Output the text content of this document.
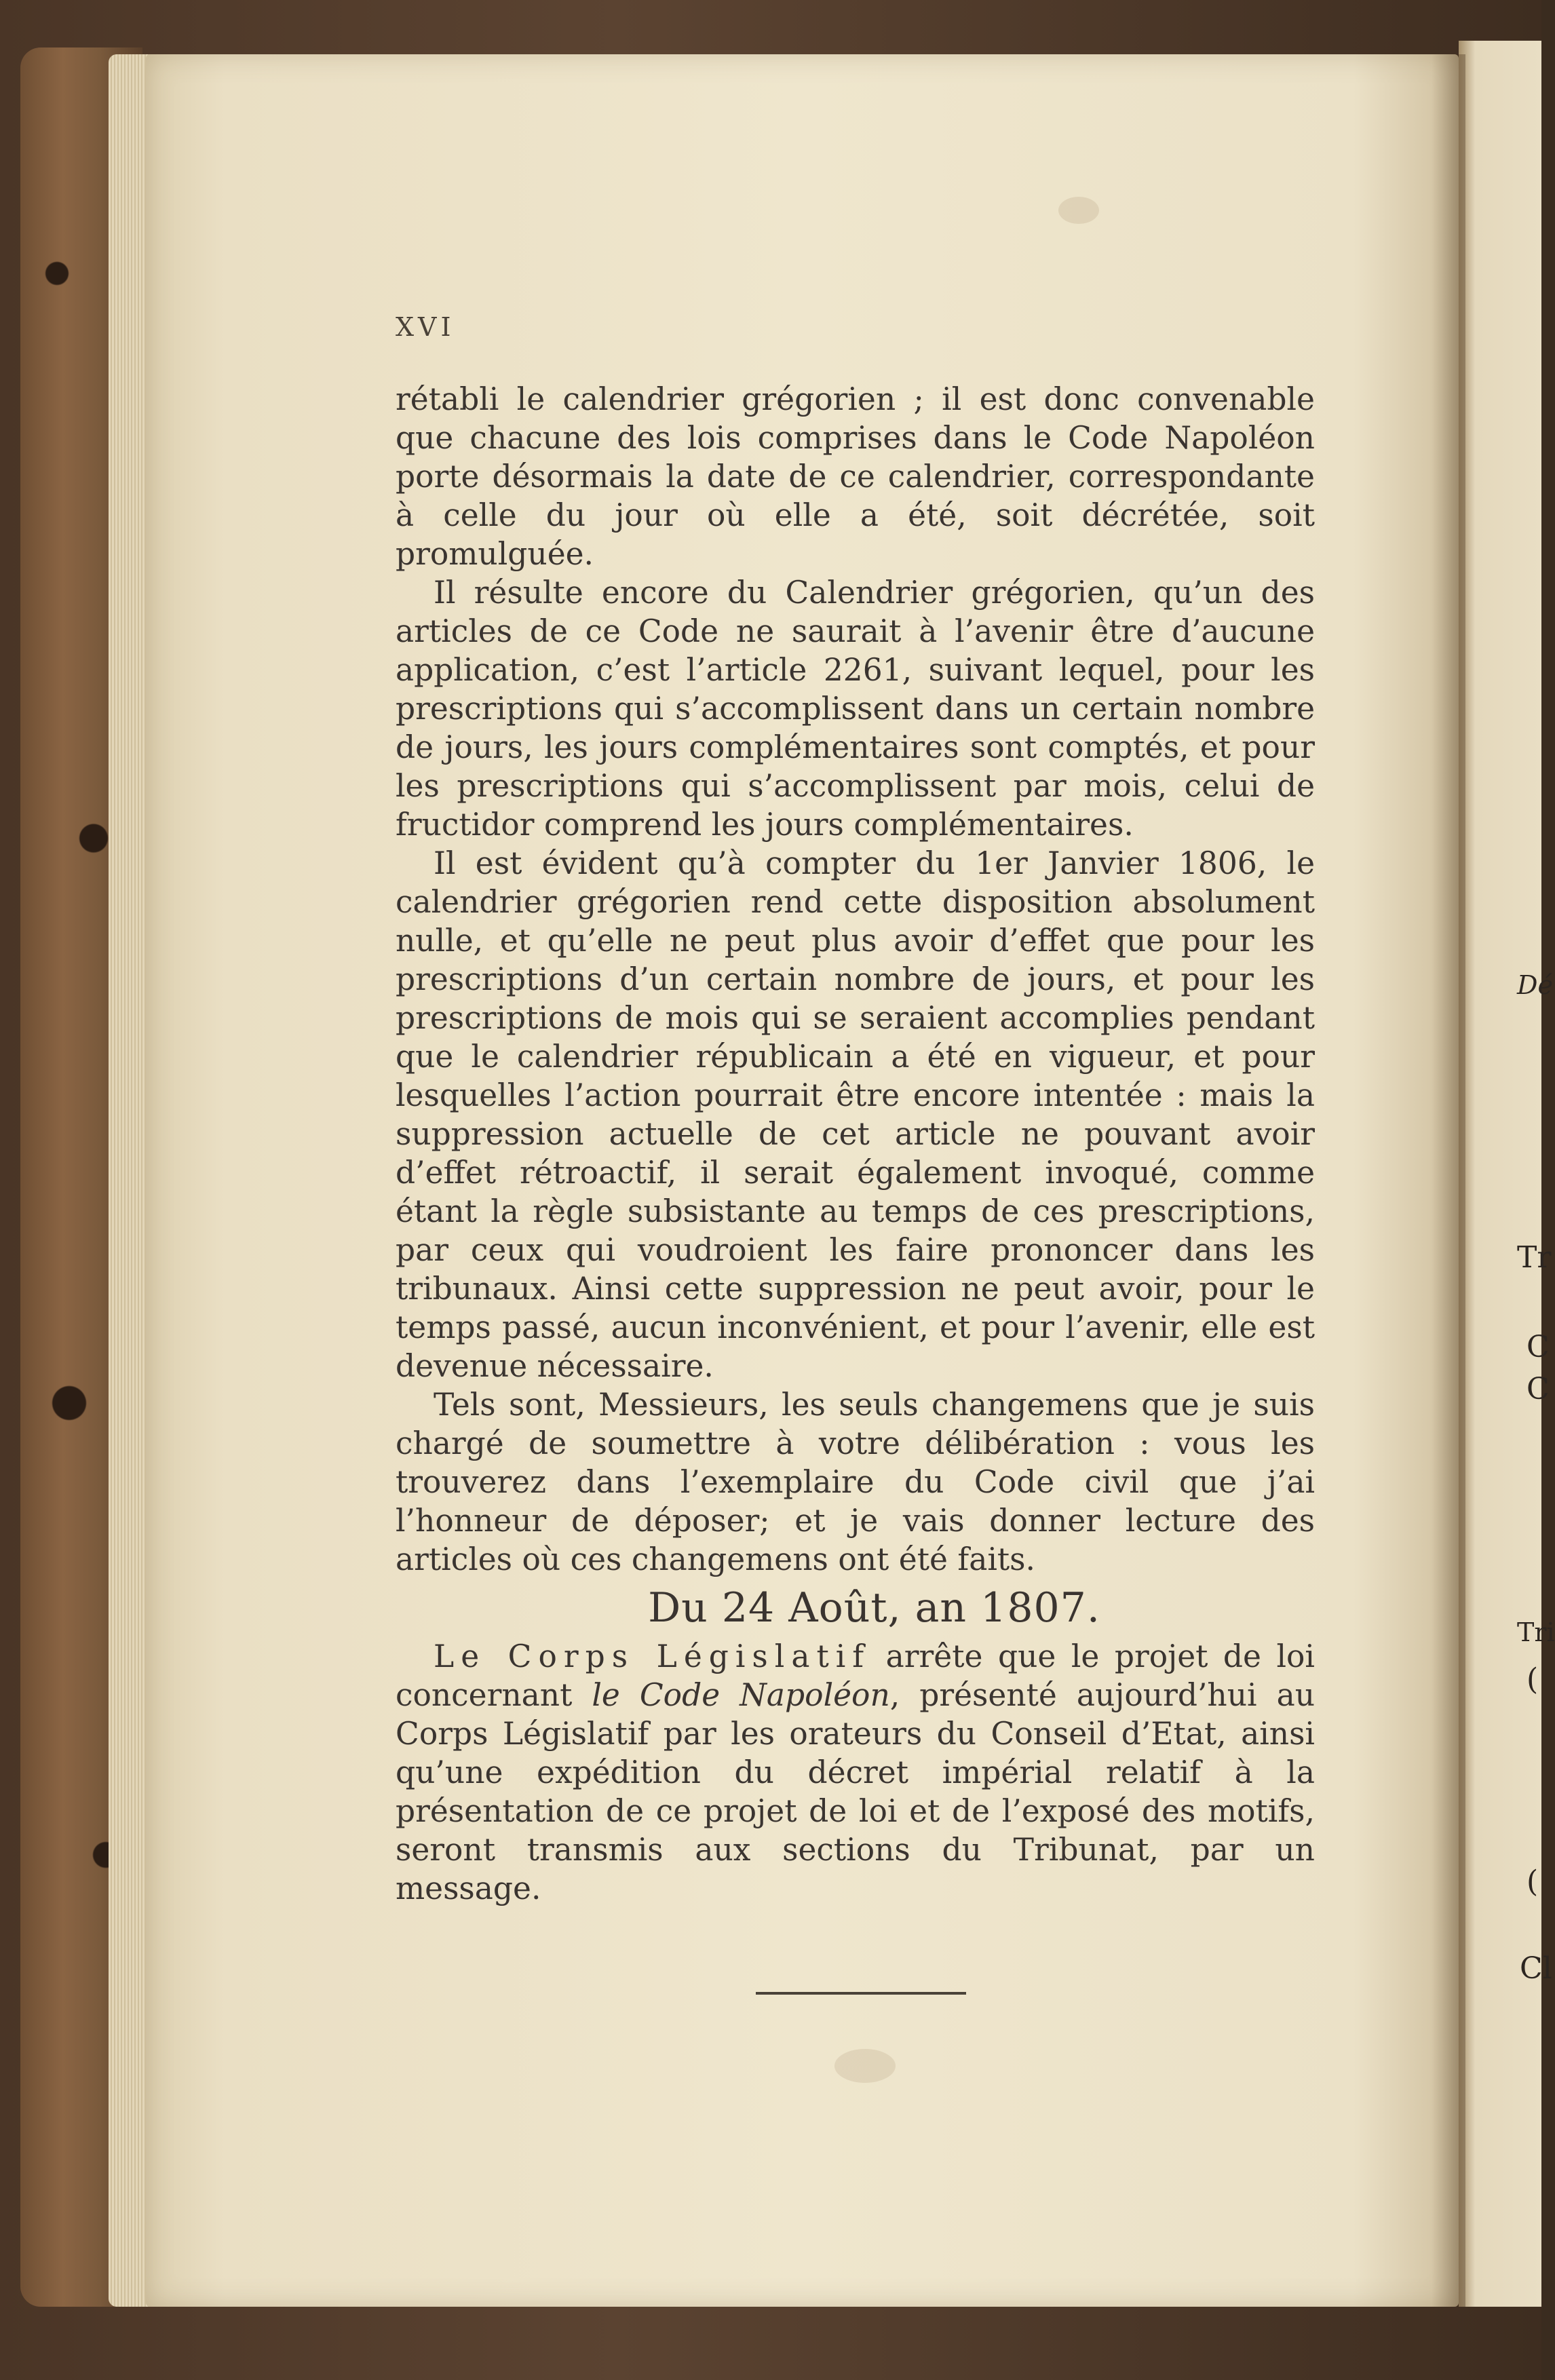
XVI

rétabli le calendrier grégorien ; il est donc convenable que chacune des lois comprises dans le Code Napoléon porte désormais la date de ce calendrier, correspondante à celle du jour où elle a été, soit décrétée, soit promulguée.

Il résulte encore du Calendrier grégorien, qu’un des articles de ce Code ne saurait à l’avenir être d’aucune application, c’est l’article 2261, suivant lequel, pour les prescriptions qui s’accomplissent dans un certain nombre de jours, les jours complémentaires sont comptés, et pour les prescriptions qui s’accomplissent par mois, celui de fructidor comprend les jours complémentaires.

Il est évident qu’à compter du 1er Janvier 1806, le calendrier grégorien rend cette disposition absolument nulle, et qu’elle ne peut plus avoir d’effet que pour les prescriptions d’un certain nombre de jours, et pour les prescriptions de mois qui se seraient accomplies pendant que le calendrier républicain a été en vigueur, et pour lesquelles l’action pourrait être encore intentée : mais la suppression actuelle de cet article ne pouvant avoir d’effet rétroactif, il serait également invoqué, comme étant la règle subsistante au temps de ces prescriptions, par ceux qui voudroient les faire prononcer dans les tribunaux. Ainsi cette suppression ne peut avoir, pour le temps passé, aucun inconvénient, et pour l’avenir, elle est devenue nécessaire.

Tels sont, Messieurs, les seuls changemens que je suis chargé de soumettre à votre délibération : vous les trouverez dans l’exemplaire du Code civil que j’ai l’honneur de déposer; et je vais donner lecture des articles où ces changemens ont été faits.

Du 24 Août, an 1807.

Le Corps Législatif arrête que le projet de loi concernant le Code Napoléon, présenté aujourd’hui au Corps Législatif par les orateurs du Conseil d’Etat, ainsi qu’une expédition du décret impérial relatif à la présentation de ce projet de loi et de l’exposé des motifs, seront transmis aux sections du Tribunat, par un message.

Dé
Tr
C
C
Tri
(
(
Cl
